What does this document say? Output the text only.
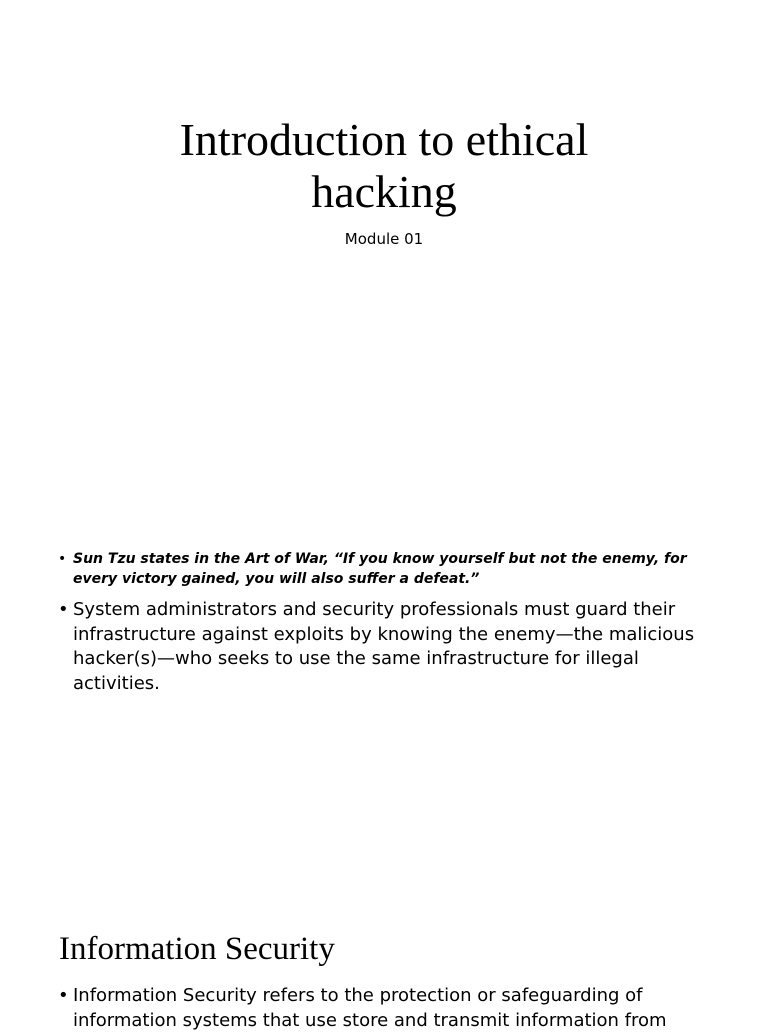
Introduction to ethical
hacking
Module 01
• Sun Tzu states in the Art of War, “If you know yourself but not the enemy, for every victory gained, you will also suffer a defeat.”
• System administrators and security professionals must guard their infrastructure against exploits by knowing the enemy—the malicious hacker(s)—who seeks to use the same infrastructure for illegal activities.
Information Security
• Information Security refers to the protection or safeguarding of information systems that use store and transmit information from
